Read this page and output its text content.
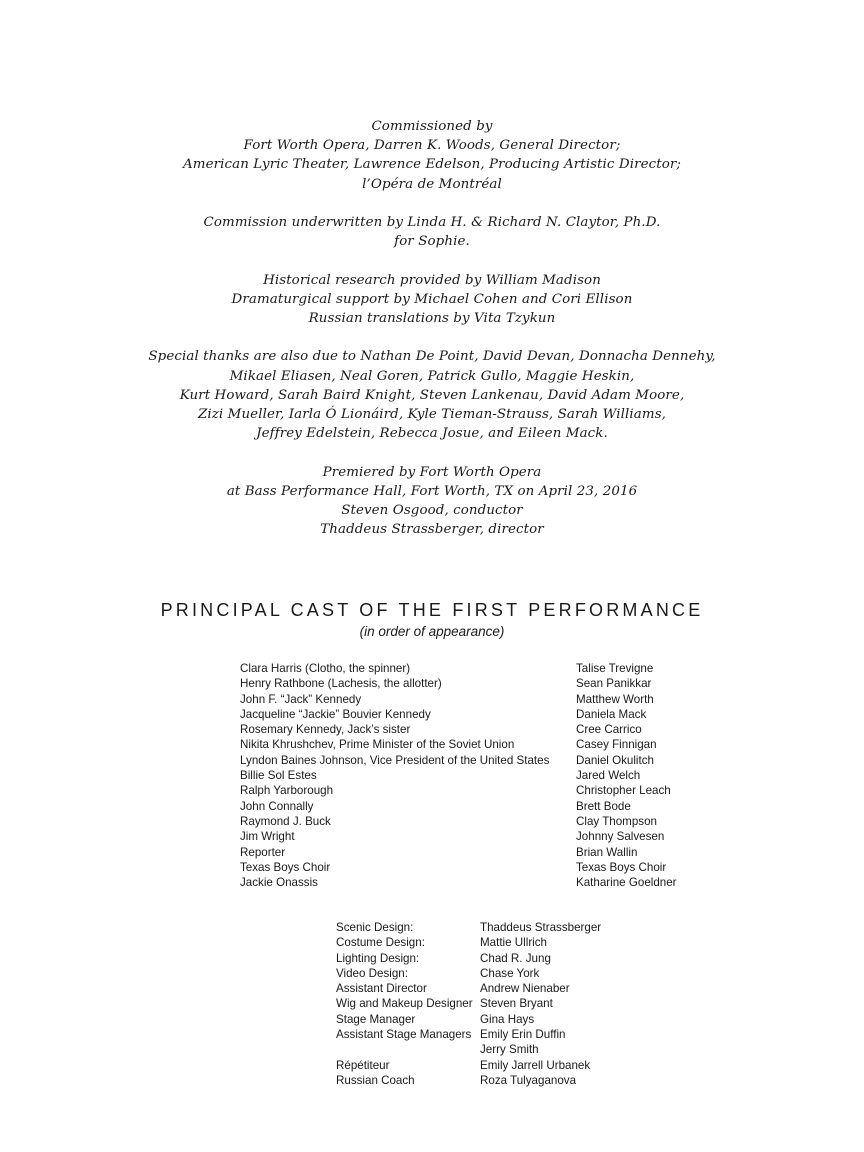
Commissioned by
Fort Worth Opera, Darren K. Woods, General Director;
American Lyric Theater, Lawrence Edelson, Producing Artistic Director;
l’Opéra de Montréal
Commission underwritten by Linda H. & Richard N. Claytor, Ph.D.
for Sophie.
Historical research provided by William Madison
Dramaturgical support by Michael Cohen and Cori Ellison
Russian translations by Vita Tzykun
Special thanks are also due to Nathan De Point, David Devan, Donnacha Dennehy,
Mikael Eliasen, Neal Goren, Patrick Gullo, Maggie Heskin,
Kurt Howard, Sarah Baird Knight, Steven Lankenau, David Adam Moore,
Zizi Mueller, Iarla Ó Lionáird, Kyle Tieman-Strauss, Sarah Williams,
Jeffrey Edelstein, Rebecca Josue, and Eileen Mack.
Premiered by Fort Worth Opera
at Bass Performance Hall, Fort Worth, TX on April 23, 2016
Steven Osgood, conductor
Thaddeus Strassberger, director
PRINCIPAL CAST OF THE FIRST PERFORMANCE
(in order of appearance)
Clara Harris (Clotho, the spinner)	Talise Trevigne
Henry Rathbone (Lachesis, the allotter)	Sean Panikkar
John F. “Jack” Kennedy	Matthew Worth
Jacqueline “Jackie” Bouvier Kennedy	Daniela Mack
Rosemary Kennedy, Jack’s sister	Cree Carrico
Nikita Khrushchev, Prime Minister of the Soviet Union	Casey Finnigan
Lyndon Baines Johnson, Vice President of the United States Daniel Okulitch
Billie Sol Estes	Jared Welch
Ralph Yarborough	Christopher Leach
John Connally	Brett Bode
Raymond J. Buck	Clay Thompson
Jim Wright	Johnny Salvesen
Reporter	Brian Wallin
Texas Boys Choir	Texas Boys Choir
Jackie Onassis	Katharine Goeldner
Scenic Design:	Thaddeus Strassberger
Costume Design:	Mattie Ullrich
Lighting Design:	Chad R. Jung
Video Design:	Chase York
Assistant Director	Andrew Nienaber
Wig and Makeup Designer Steven Bryant
Stage Manager	Gina Hays
Assistant Stage Managers Emily Erin Duffin
Jerry Smith
Répétiteur	Emily Jarrell Urbanek
Russian Coach	Roza Tulyaganova
